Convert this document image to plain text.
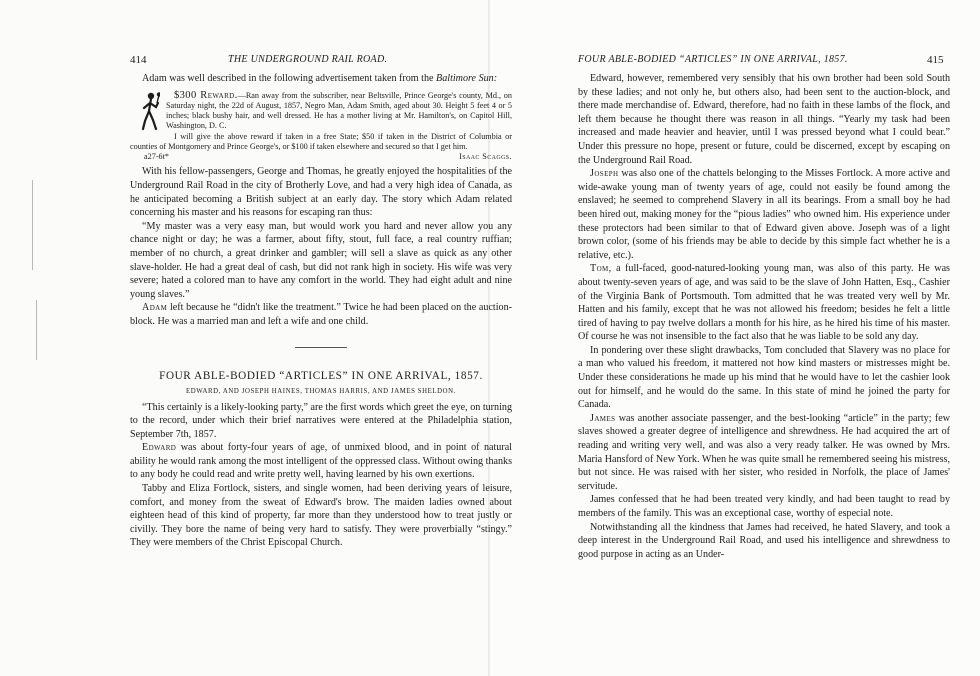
414	THE UNDERGROUND RAIL ROAD.	FOUR ABLE-BODIED “ARTICLES” IN ONE ARRIVAL, 1857.	415

Adam was well described in the following advertisement taken from the Baltimore Sun:

$300 Reward.—Ran away from the subscriber, near Beltsville, Prince George's county, Md., on Saturday night, the 22d of August, 1857, Negro Man, Adam Smith, aged about 30. Height 5 feet 4 or 5 inches; black bushy hair, and well dressed. He has a mother living at Mr. Hamilton's, on Capitol Hill, Washington, D. C.

I will give the above reward if taken in a free State; $50 if taken in the District of Columbia or counties of Montgomery and Prince George's, or $100 if taken elsewhere and secured so that I get him.
Isaac Scaggs.

a27-6t*

With his fellow-passengers, George and Thomas, he greatly enjoyed the hospitalities of the Underground Rail Road in the city of Brotherly Love, and had a very high idea of Canada, as he anticipated becoming a British subject at an early day. The story which Adam related concerning his master and his reasons for escaping ran thus:

“My master was a very easy man, but would work you hard and never allow you any chance night or day; he was a farmer, about fifty, stout, full face, a real country ruffian; member of no church, a great drinker and gambler; will sell a slave as quick as any other slave-holder. He had a great deal of cash, but did not rank high in society. His wife was very severe; hated a colored man to have any comfort in the world. They had eight adult and nine young slaves.”

Adam left because he “didn't like the treatment.” Twice he had been placed on the auction-block. He was a married man and left a wife and one child.

FOUR ABLE-BODIED “ARTICLES” IN ONE ARRIVAL, 1857.
EDWARD, AND JOSEPH HAINES, THOMAS HARRIS, AND JAMES SHELDON.

“This certainly is a likely-looking party,” are the first words which greet the eye, on turning to the record, under which their brief narratives were entered at the Philadelphia station, September 7th, 1857.

Edward was about forty-four years of age, of unmixed blood, and in point of natural ability he would rank among the most intelligent of the oppressed class. Without owing thanks to any body he could read and write pretty well, having learned by his own exertions.

Tabby and Eliza Fortlock, sisters, and single women, had been deriving years of leisure, comfort, and money from the sweat of Edward's brow. The maiden ladies owned about eighteen head of this kind of property, far more than they understood how to treat justly or civilly. They bore the name of being very hard to satisfy. They were proverbially “stingy.” They were members of the Christ Episcopal Church.

Edward, however, remembered very sensibly that his own brother had been sold South by these ladies; and not only he, but others also, had been sent to the auction-block, and there made merchandise of. Edward, therefore, had no faith in these lambs of the flock, and left them because he thought there was reason in all things. “Yearly my task had been increased and made heavier and heavier, until I was pressed beyond what I could bear.” Under this pressure no hope, present or future, could be discerned, except by escaping on the Underground Rail Road.

Joseph was also one of the chattels belonging to the Misses Fortlock. A more active and wide-awake young man of twenty years of age, could not easily be found among the enslaved; he seemed to comprehend Slavery in all its bearings. From a small boy he had been hired out, making money for the “pious ladies” who owned him. His experience under these protectors had been similar to that of Edward given above. Joseph was of a light brown color, (some of his friends may be able to decide by this simple fact whether he is a relative, etc.).

Tom, a full-faced, good-natured-looking young man, was also of this party. He was about twenty-seven years of age, and was said to be the slave of John Hatten, Esq., Cashier of the Virginia Bank of Portsmouth. Tom admitted that he was treated very well by Mr. Hatten and his family, except that he was not allowed his freedom; besides he felt a little tired of having to pay twelve dollars a month for his hire, as he hired his time of his master. Of course he was not insensible to the fact also that he was liable to be sold any day.

In pondering over these slight drawbacks, Tom concluded that Slavery was no place for a man who valued his freedom, it mattered not how kind masters or mistresses might be. Under these considerations he made up his mind that he would have to let the cashier look out for himself, and he would do the same. In this state of mind he joined the party for Canada.

James was another associate passenger, and the best-looking “article” in the party; few slaves showed a greater degree of intelligence and shrewdness. He had acquired the art of reading and writing very well, and was also a very ready talker. He was owned by Mrs. Maria Hansford of New York. When he was quite small he remembered seeing his mistress, but not since. He was raised with her sister, who resided in Norfolk, the place of James' servitude.

James confessed that he had been treated very kindly, and had been taught to read by members of the family. This was an exceptional case, worthy of especial note.

Notwithstanding all the kindness that James had received, he hated Slavery, and took a deep interest in the Underground Rail Road, and used his intelligence and shrewdness to good purpose in acting as an Under-
